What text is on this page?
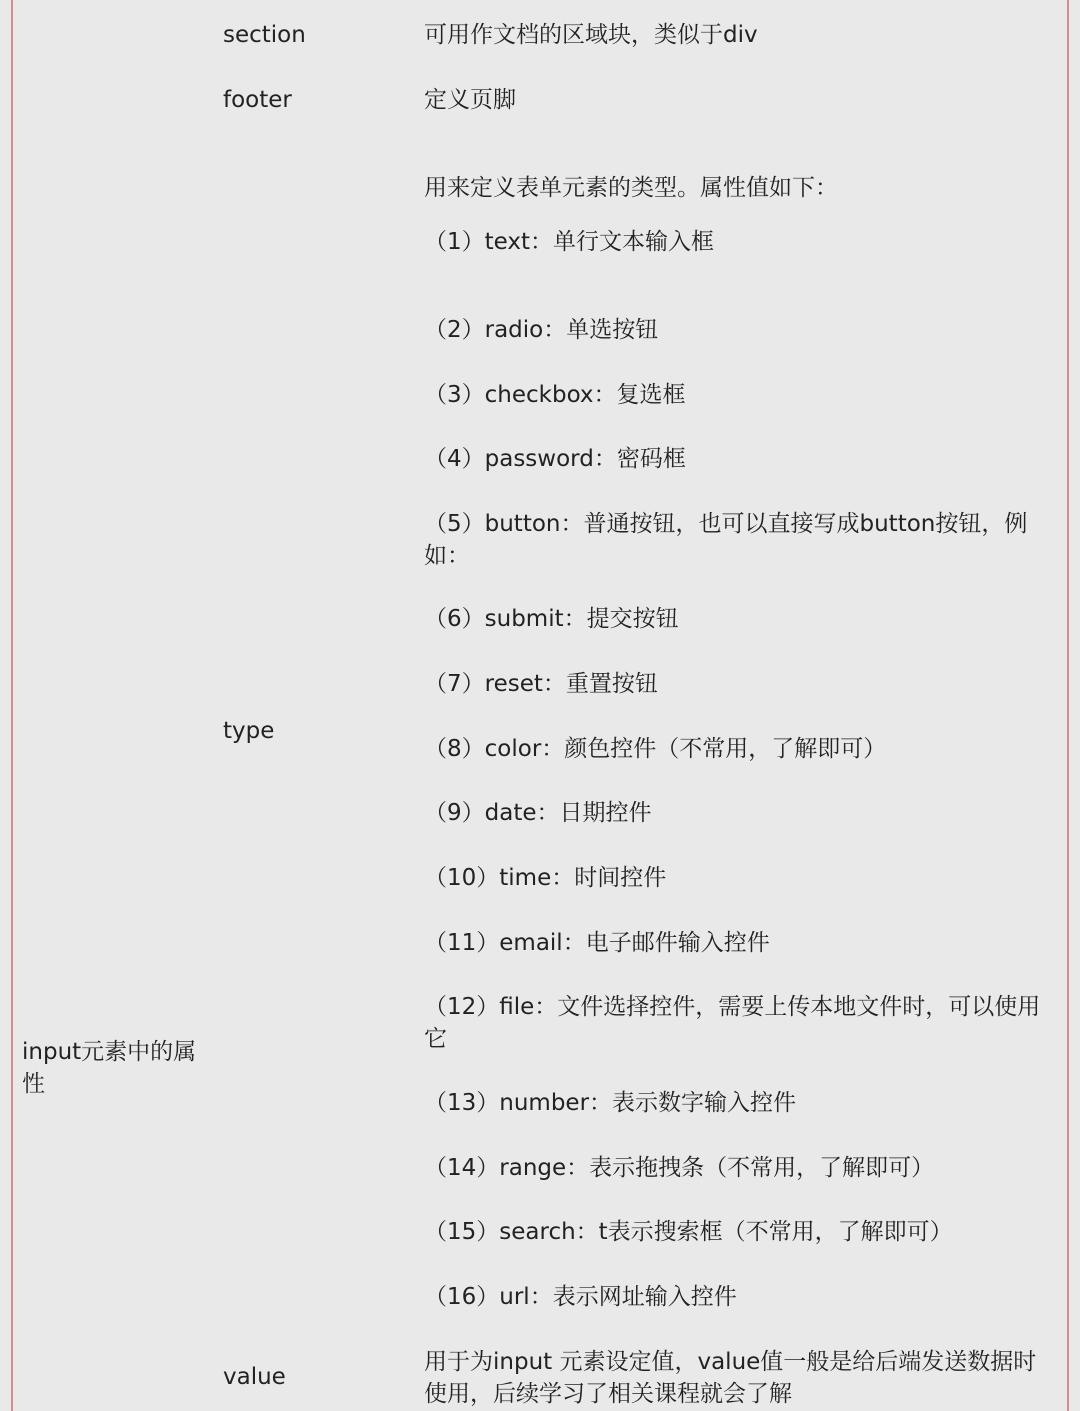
section	可用作文档的区域块，类似于div
footer	定义页脚
input元素中的属性
type
用来定义表单元素的类型。属性值如下：
（1）text：单行文本输入框
（2）radio：单选按钮
（3）checkbox：复选框
（4）password：密码框
（5）button：普通按钮，也可以直接写成button按钮，例如：
（6）submit：提交按钮
（7）reset：重置按钮
（8）color：颜色控件（不常用，了解即可）
（9）date：日期控件
（10）time：时间控件
（11）email：电子邮件输入控件
（12）file：文件选择控件，需要上传本地文件时，可以使用它
（13）number：表示数字输入控件
（14）range：表示拖拽条（不常用，了解即可）
（15）search：t表示搜索框（不常用，了解即可）
（16）url：表示网址输入控件
value
用于为input 元素设定值，value值一般是给后端发送数据时使用，后续学习了相关课程就会了解
